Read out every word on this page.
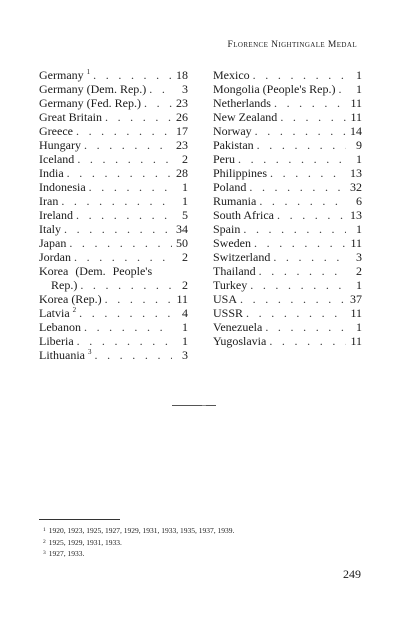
Florence Nightingale Medal
Germany $^1$ . . .	18
Germany (Dem. Rep.) . . .	3
Germany (Fed. Rep.) . . .	23
Great Britain . . .	26
Greece . . .	17
Hungary . . .	23
Iceland . . .	2
India . . .	28
Indonesia . . .	1
Iran . . .	1
Ireland . . .	5
Italy . . .	34
Japan . . .	50
Jordan . . .	2
Korea (Dem. People's
Rep.) . . .	2
Korea (Rep.) . . .	11
Latvia $^2$ . . .	4
Lebanon . . .	1
Liberia . . .	1
Lithuania $^3$ . . .	3
Mexico . . .	1
Mongolia (People's Rep.) . . .	1
Netherlands . . .	11
New Zealand . . .	11
Norway . . .	14
Pakistan . . .	9
Peru . . .	1
Philippines . . .	13
Poland . . .	32
Rumania . . .	6
South Africa . . .	13
Spain . . .	1
Sweden . . .	11
Switzerland . . .	3
Thailand . . .	2
Turkey . . .	1
USA . . .	37
USSR . . .	11
Venezuela . . .	1
Yugoslavia . . .	11
$^1$ 1920, 1923, 1925, 1927, 1929, 1931, 1933, 1935, 1937, 1939.
$^2$ 1925, 1929, 1931, 1933.
$^3$ 1927, 1933.
249
